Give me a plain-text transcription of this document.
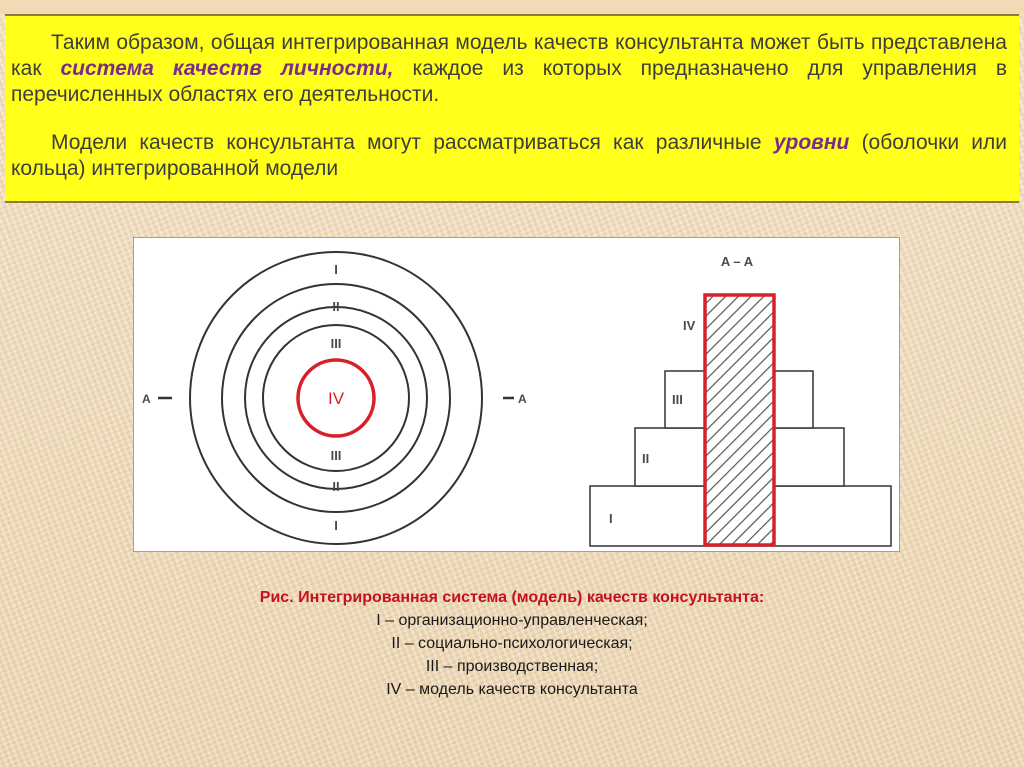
Таким образом, общая интегрированная модель качеств консультанта может быть представлена как система качеств личности, каждое из которых предназначено для управления в перечисленных областях его деятельности.

Модели качеств консультанта могут рассматриваться как различные уровни (оболочки или кольца) интегрированной модели

I
II
III
III
II
I
IV
A	A
A – A
I
II
III
IV
Рис. Интегрированная система (модель) качеств консультанта:
I – организационно-управленческая;
II – социально-психологическая;
III – производственная;
IV – модель качеств консультанта
